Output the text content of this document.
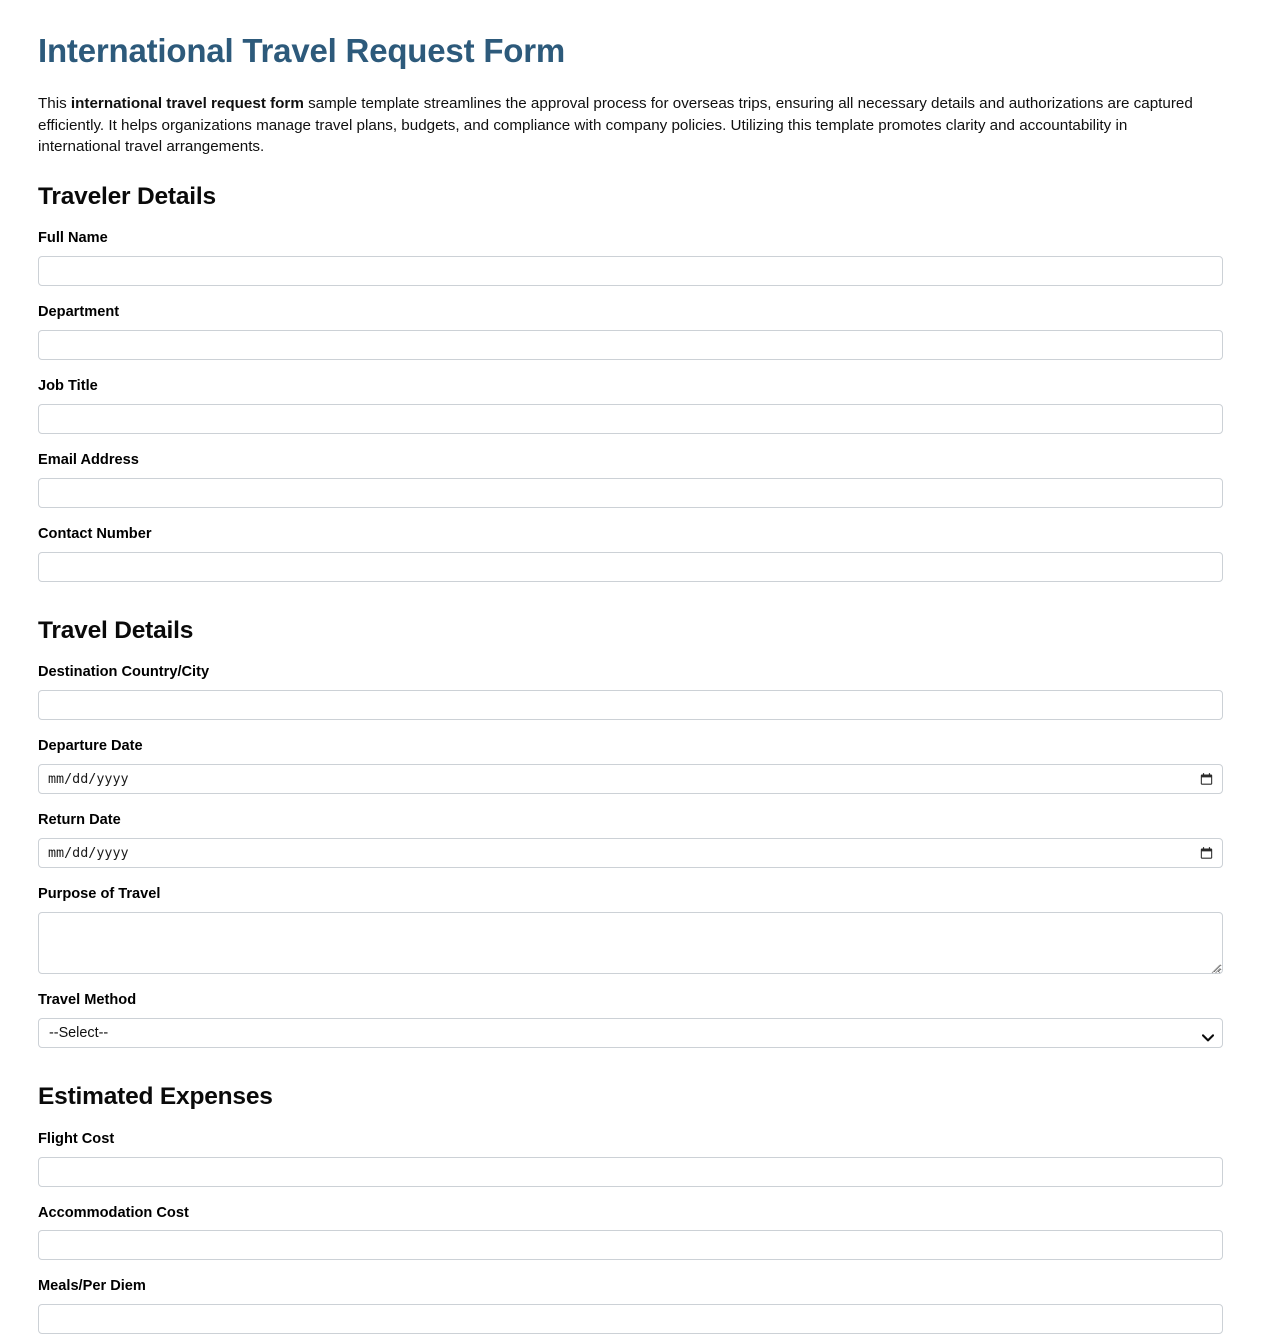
International Travel Request Form

This international travel request form sample template streamlines the approval process for overseas trips, ensuring all necessary details and authorizations are captured efficiently. It helps organizations manage travel plans, budgets, and compliance with company policies. Utilizing this template promotes clarity and accountability in international travel arrangements.

Traveler Details
Full Name
Department
Job Title
Email Address
Contact Number
Travel Details
Destination Country/City
Departure Date
mm/dd/yyyy
Return Date
mm/dd/yyyy
Purpose of Travel
Travel Method
--Select--
Estimated Expenses
Flight Cost
Accommodation Cost
Meals/Per Diem
